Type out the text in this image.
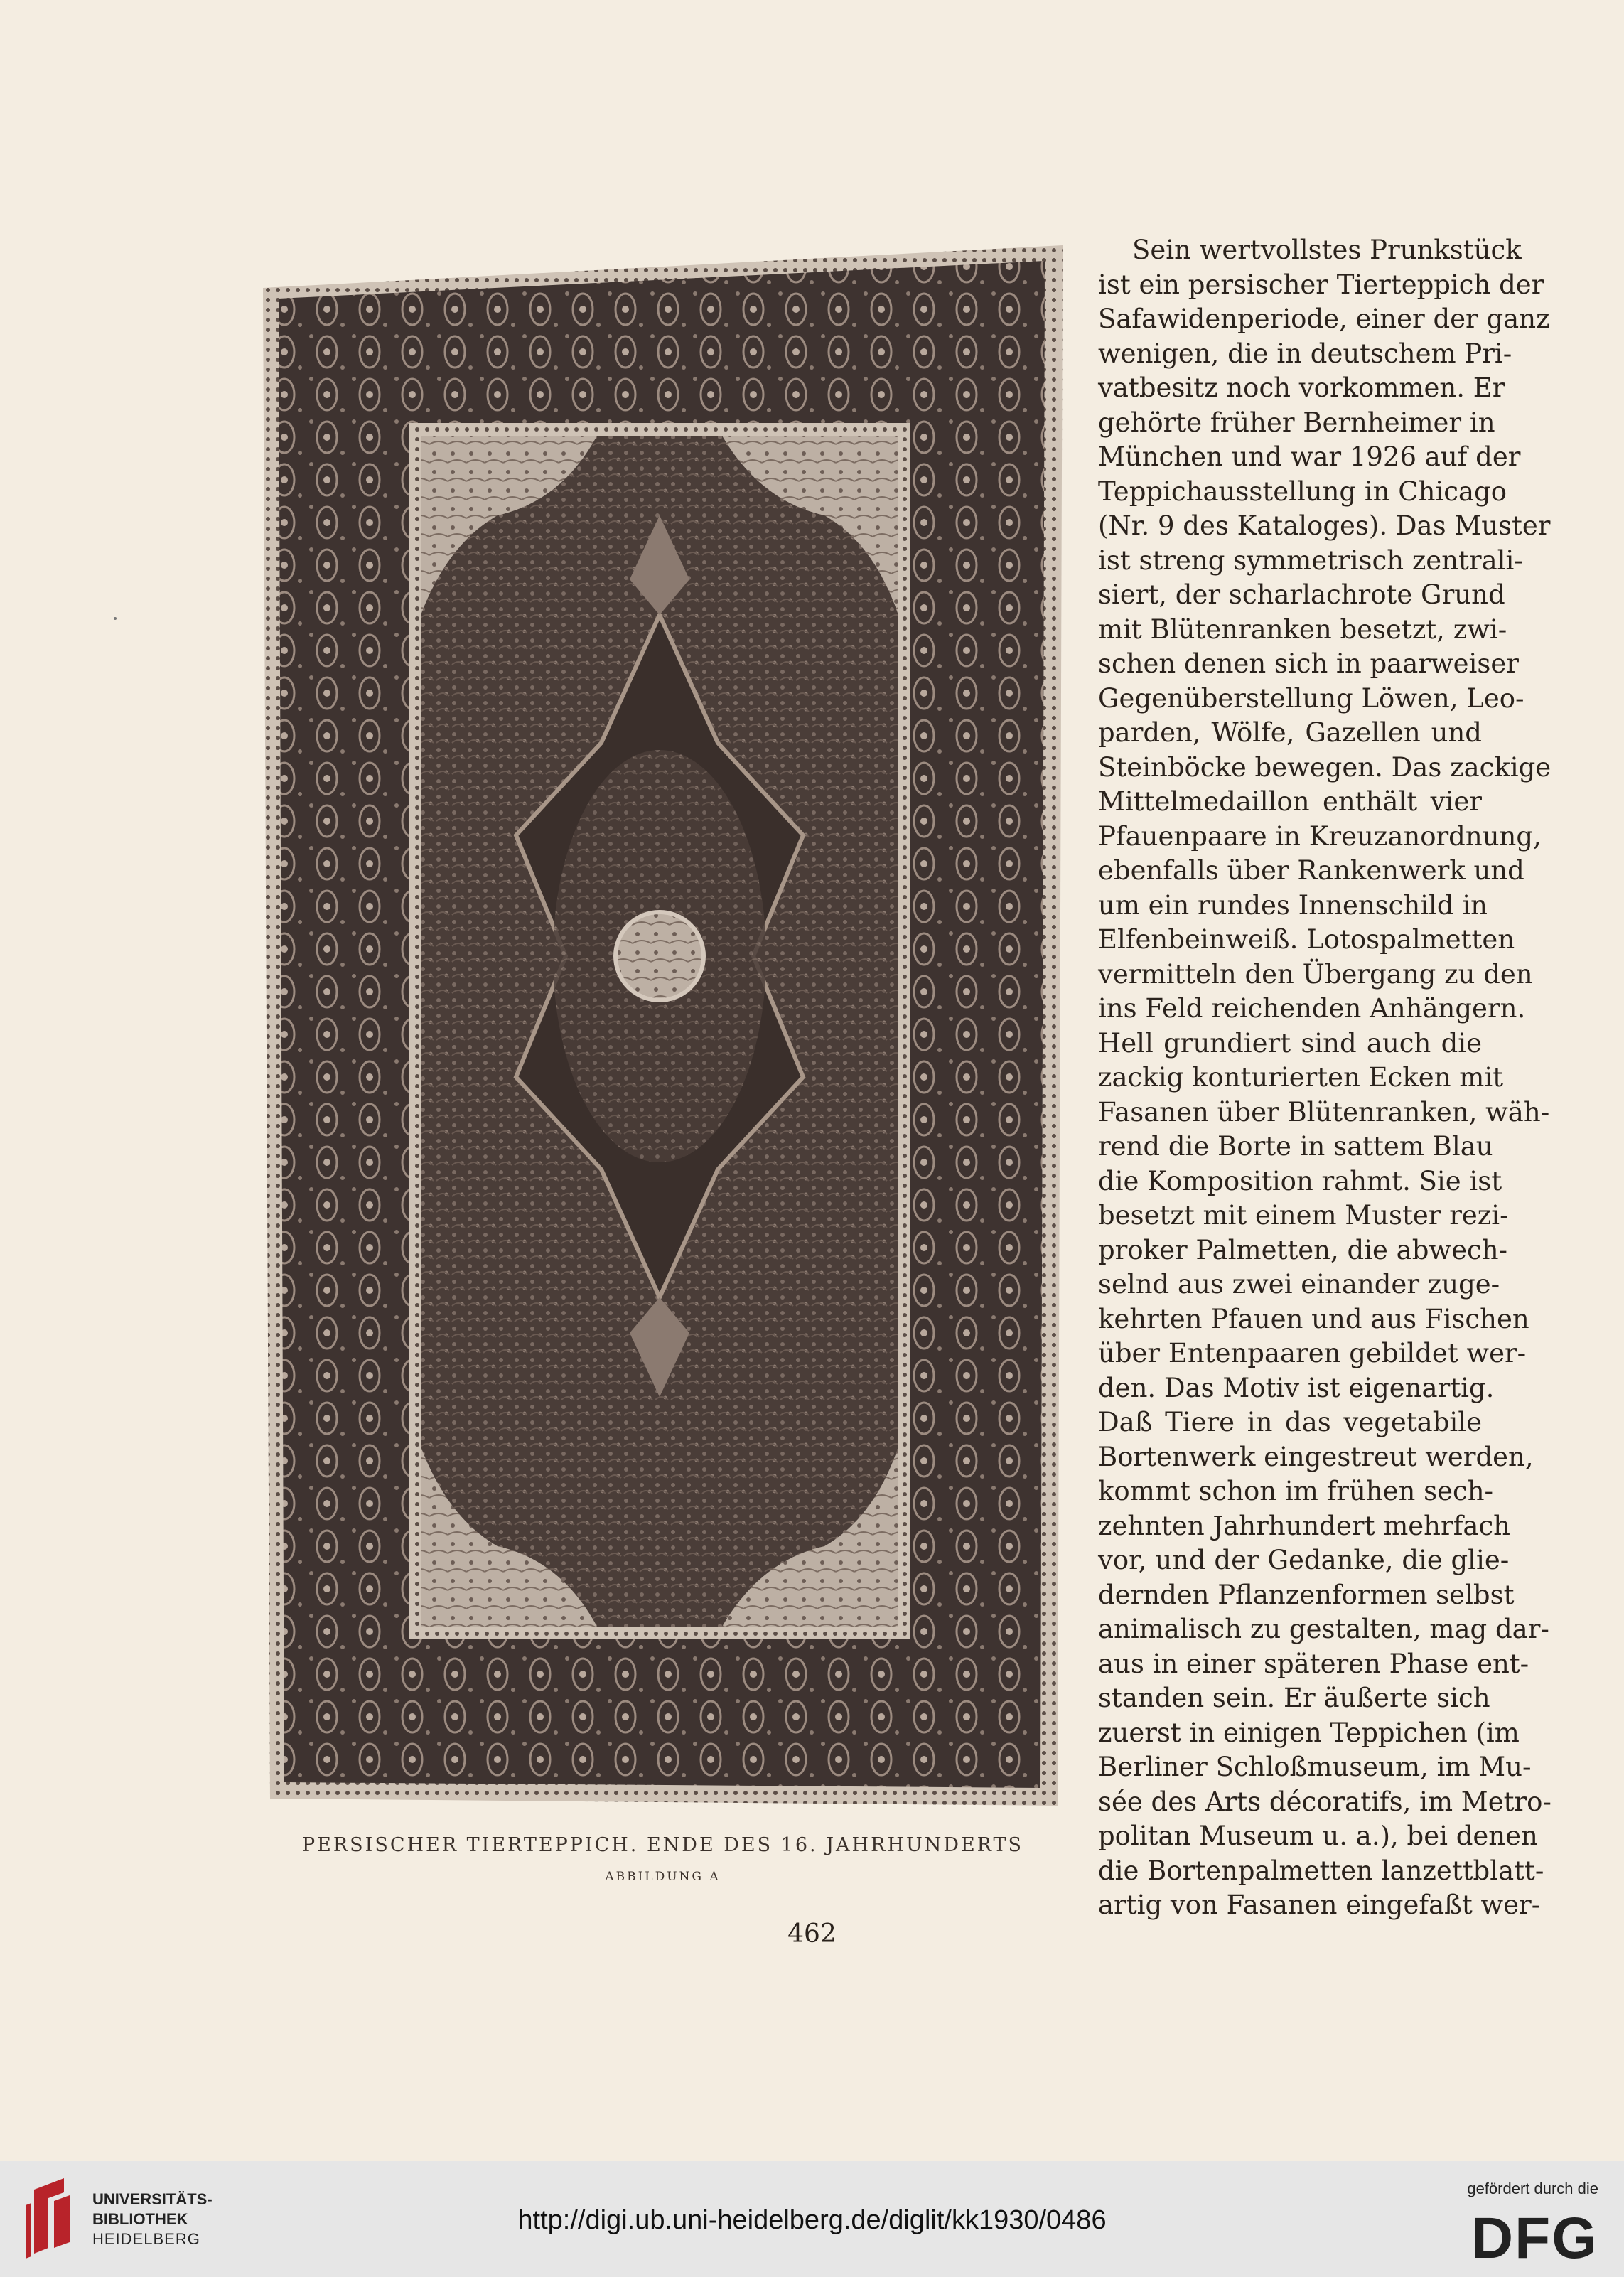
PERSISCHER TIERTEPPICH. ENDE DES 16. JAHRHUNDERTS
ABBILDUNG A
Sein wertvollstes Prunkstück
ist ein persischer Tierteppich der
Safawidenperiode, einer der ganz
wenigen, die in deutschem Pri-
vatbesitz noch vorkommen. Er
gehörte früher Bernheimer in
München und war 1926 auf der
Teppichausstellung in Chicago
(Nr. 9 des Kataloges). Das Muster
ist streng symmetrisch zentrali-
siert, der scharlachrote Grund
mit Blütenranken besetzt, zwi-
schen denen sich in paarweiser
Gegenüberstellung Löwen, Leo-
parden, Wölfe, Gazellen und
Steinböcke bewegen. Das zackige
Mittelmedaillon enthält vier
Pfauenpaare in Kreuzanordnung,
ebenfalls über Rankenwerk und
um ein rundes Innenschild in
Elfenbeinweiß. Lotospalmetten
vermitteln den Übergang zu den
ins Feld reichenden Anhängern.
Hell grundiert sind auch die
zackig konturierten Ecken mit
Fasanen über Blütenranken, wäh-
rend die Borte in sattem Blau
die Komposition rahmt. Sie ist
besetzt mit einem Muster rezi-
proker Palmetten, die abwech-
selnd aus zwei einander zuge-
kehrten Pfauen und aus Fischen
über Entenpaaren gebildet wer-
den. Das Motiv ist eigenartig.
Daß Tiere in das vegetabile
Bortenwerk eingestreut werden,
kommt schon im frühen sech-
zehnten Jahrhundert mehrfach
vor, und der Gedanke, die glie-
dernden Pflanzenformen selbst
animalisch zu gestalten, mag dar-
aus in einer späteren Phase ent-
standen sein. Er äußerte sich
zuerst in einigen Teppichen (im
Berliner Schloßmuseum, im Mu-
sée des Arts décoratifs, im Metro-
politan Museum u. a.), bei denen
die Bortenpalmetten lanzettblatt-
artig von Fasanen eingefaßt wer-
462
UNIVERSITÄTS-
BIBLIOTHEK
HEIDELBERG
http://digi.ub.uni-heidelberg.de/diglit/kk1930/0486
gefördert durch die
DFG
